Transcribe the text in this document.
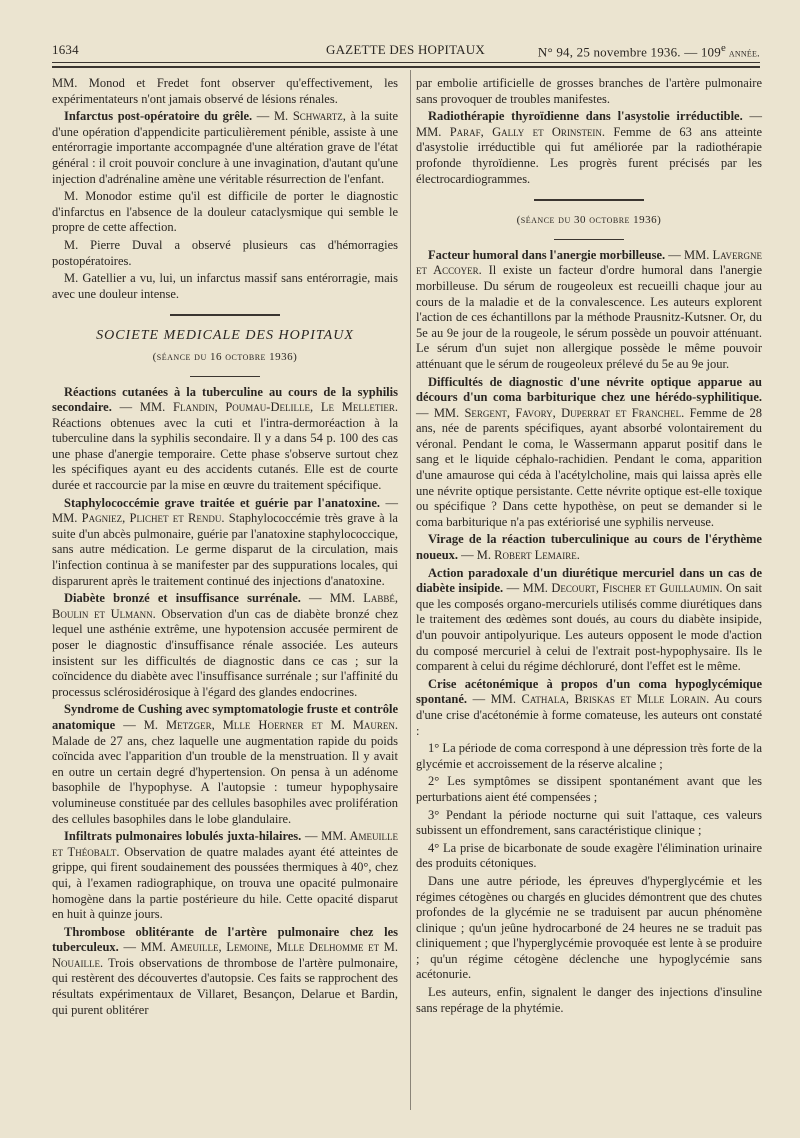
1634	GAZETTE DES HOPITAUX	N° 94, 25 novembre 1936. — 109e année.

MM. Monod et Fredet font observer qu'effectivement, les expérimentateurs n'ont jamais observé de lésions rénales.

Infarctus post-opératoire du grêle. — M. Schwartz, à la suite d'une opération d'appendicite particulièrement pénible, assiste à une entérorragie importante accompagnée d'une altération grave de l'état général : il croit pouvoir conclure à une invagination, d'autant qu'une injection d'adrénaline amène une véritable résurrection de l'enfant.

M. Monodor estime qu'il est difficile de porter le diagnostic d'infarctus en l'absence de la douleur cataclysmique qui semble le propre de cette affection.

M. Pierre Duval a observé plusieurs cas d'hémorragies postopératoires.

M. Gatellier a vu, lui, un infarctus massif sans entérorragie, mais avec une douleur intense.

SOCIETE MEDICALE DES HOPITAUX
(séance du 16 octobre 1936)

Réactions cutanées à la tuberculine au cours de la syphilis secondaire. — MM. Flandin, Poumau-Delille, Le Melletier. Réactions obtenues avec la cuti et l'intra-dermoréaction à la tuberculine dans la syphilis secondaire. Il y a dans 54 p. 100 des cas une phase d'anergie temporaire. Cette phase s'observe surtout chez les spécifiques ayant eu des accidents cutanés. Elle est de courte durée et raccourcie par la mise en œuvre du traitement spécifique.

Staphylococcémie grave traitée et guérie par l'anatoxine. — MM. Pagniez, Plichet et Rendu. Staphylococcémie très grave à la suite d'un abcès pulmonaire, guérie par l'anatoxine staphylococcique, sans autre médication. Le germe disparut de la circulation, mais l'infection continua à se manifester par des suppurations locales, qui disparurent après le traitement continué des injections d'anatoxine.

Diabète bronzé et insuffisance surrénale. — MM. Labbé, Boulin et Ulmann. Observation d'un cas de diabète bronzé chez lequel une asthénie extrême, une hypotension accusée permirent de poser le diagnostic d'insuffisance rénale associée. Les auteurs insistent sur les difficultés de diagnostic dans ce cas ; sur la coïncidence du diabète avec l'insuffisance surrénale ; sur l'affinité du processus sclérosidérosique à l'égard des glandes endocrines.

Syndrome de Cushing avec symptomatologie fruste et contrôle anatomique — M. Metzger, Mlle Hoerner et M. Mauren. Malade de 27 ans, chez laquelle une augmentation rapide du poids coïncida avec l'apparition d'un trouble de la menstruation. Il y avait en outre un certain degré d'hypertension. On pensa à un adénome basophile de l'hypophyse. A l'autopsie : tumeur hypophysaire volumineuse constituée par des cellules basophiles avec prolifération des cellules basophiles dans le lobe glandulaire.

Infiltrats pulmonaires lobulés juxta-hilaires. — MM. Ameuille et Théobalt. Observation de quatre malades ayant été atteintes de grippe, qui firent soudainement des poussées thermiques à 40°, chez qui, à l'examen radiographique, on trouva une opacité pulmonaire homogène dans la partie postérieure du hile. Cette opacité disparut en huit à quinze jours.

Thrombose oblitérante de l'artère pulmonaire chez les tuberculeux. — MM. Ameuille, Lemoine, Mlle Delhomme et M. Nouaille. Trois observations de thrombose de l'artère pulmonaire, qui restèrent des découvertes d'autopsie. Ces faits se rapprochent des résultats expérimentaux de Villaret, Besançon, Delarue et Bardin, qui purent oblitérer

par embolie artificielle de grosses branches de l'artère pulmonaire sans provoquer de troubles manifestes.

Radiothérapie thyroïdienne dans l'asystolie irréductible. — MM. Paraf, Gally et Orinstein. Femme de 63 ans atteinte d'asystolie irréductible qui fut améliorée par la radiothérapie profonde thyroïdienne. Les progrès furent précisés par les électrocardiogrammes.

(séance du 30 octobre 1936)

Facteur humoral dans l'anergie morbilleuse. — MM. Lavergne et Accoyer. Il existe un facteur d'ordre humoral dans l'anergie morbilleuse. Du sérum de rougeoleux est recueilli chaque jour au cours de la maladie et de la convalescence. Les auteurs explorent l'action de ces échantillons par la méthode Prausnitz-Kutsner. Or, du 5e au 9e jour de la rougeole, le sérum possède un pouvoir atténuant. Le sérum d'un sujet non allergique possède le même pouvoir atténuant que le sérum de rougeoleux prélevé du 5e au 9e jour.

Difficultés de diagnostic d'une névrite optique apparue au décours d'un coma barbiturique chez une hérédo-syphilitique. — MM. Sergent, Favory, Duperrat et Franchel. Femme de 28 ans, née de parents spécifiques, ayant absorbé volontairement du véronal. Pendant le coma, le Wassermann apparut positif dans le sang et le liquide céphalo-rachidien. Pendant le coma, apparition d'une amaurose qui céda à l'acétylcholine, mais qui laissa après elle une névrite optique persistante. Cette névrite optique est-elle toxique ou spécifique ? Dans cette hypothèse, on peut se demander si le coma barbiturique n'a pas extériorisé une syphilis nerveuse.

Virage de la réaction tuberculinique au cours de l'érythème noueux. — M. Robert Lemaire.

Action paradoxale d'un diurétique mercuriel dans un cas de diabète insipide. — MM. Decourt, Fischer et Guillaumin. On sait que les composés organo-mercuriels utilisés comme diurétiques dans le traitement des œdèmes sont doués, au cours du diabète insipide, d'un pouvoir antipolyurique. Les auteurs opposent le mode d'action du composé mercuriel à celui de l'extrait post-hypophysaire. Ils le comparent à celui du régime déchloruré, dont l'effet est le même.

Crise acétonémique à propos d'un coma hypoglycémique spontané. — MM. Cathala, Briskas et Mlle Lorain. Au cours d'une crise d'acétonémie à forme comateuse, les auteurs ont constaté :

1° La période de coma correspond à une dépression très forte de la glycémie et accroissement de la réserve alcaline ;

2° Les symptômes se dissipent spontanément avant que les perturbations aient été compensées ;

3° Pendant la période nocturne qui suit l'attaque, ces valeurs subissent un effondrement, sans caractéristique clinique ;

4° La prise de bicarbonate de soude exagère l'élimination urinaire des produits cétoniques.

Dans une autre période, les épreuves d'hyperglycémie et les régimes cétogènes ou chargés en glucides démontrent que des chutes profondes de la glycémie ne se traduisent par aucun phénomène clinique ; qu'un jeûne hydrocarboné de 24 heures ne se traduit pas cliniquement ; que l'hyperglycémie provoquée est lente à se produire ; qu'un régime cétogène déclenche une hypoglycémie sans acétonurie.

Les auteurs, enfin, signalent le danger des injections d'insuline sans repérage de la phytémie.
